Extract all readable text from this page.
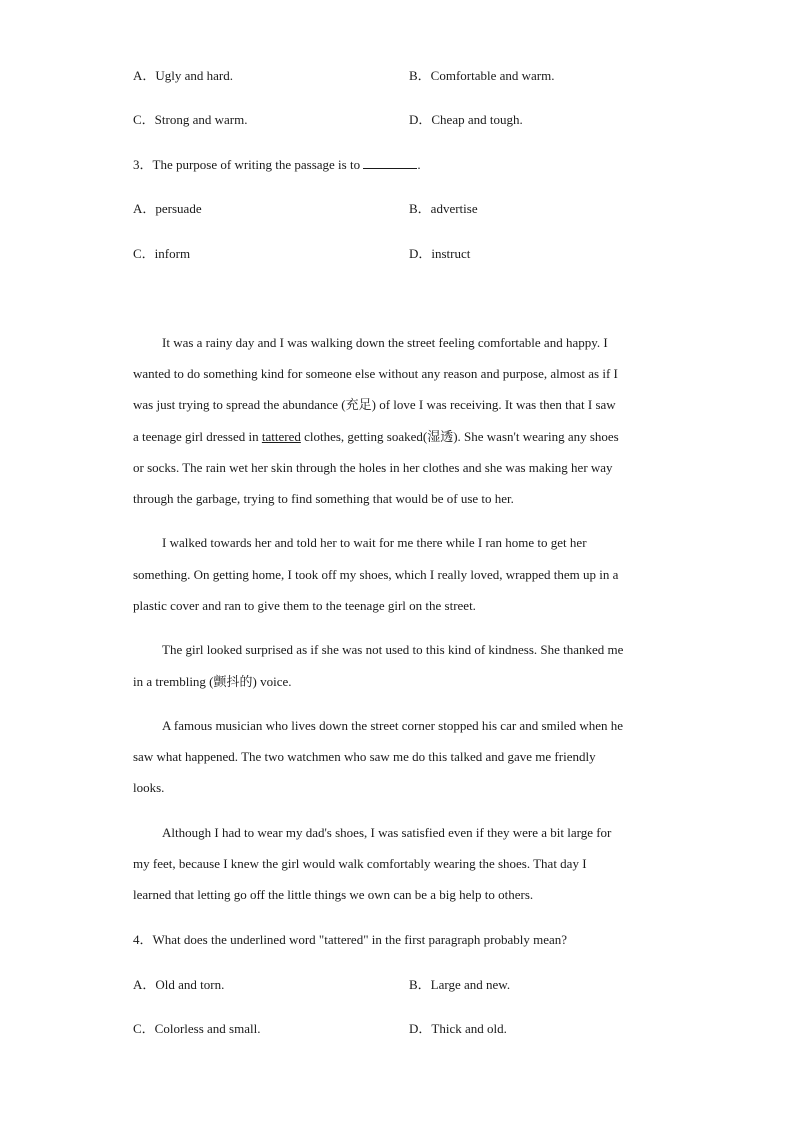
A．Ugly and hard.	B．Comfortable and warm.
C．Strong and warm.	D．Cheap and tough.
3．The purpose of writing the passage is to	.
A．persuade	B．advertise
C．inform	D．instruct
It was a rainy day and I was walking down the street feeling comfortable and happy. I
wanted to do something kind for someone else without any reason and purpose, almost as if I
was just trying to spread the abundance (充足) of love I was receiving. It was then that I saw
a teenage girl dressed in tattered clothes, getting soaked(湿透). She wasn't wearing any shoes
or socks. The rain wet her skin through the holes in her clothes and she was making her way
through the garbage, trying to find something that would be of use to her.
I walked towards her and told her to wait for me there while I ran home to get her
something. On getting home, I took off my shoes, which I really loved, wrapped them up in a
plastic cover and ran to give them to the teenage girl on the street.
The girl looked surprised as if she was not used to this kind of kindness. She thanked me
in a trembling (颤抖的) voice.
A famous musician who lives down the street corner stopped his car and smiled when he
saw what happened. The two watchmen who saw me do this talked and gave me friendly
looks.
Although I had to wear my dad's shoes, I was satisfied even if they were a bit large for
my feet, because I knew the girl would walk comfortably wearing the shoes. That day I
learned that letting go off the little things we own can be a big help to others.
4．What does the underlined word "tattered" in the first paragraph probably mean?
A．Old and torn.	B．Large and new.
C．Colorless and small.	D．Thick and old.
